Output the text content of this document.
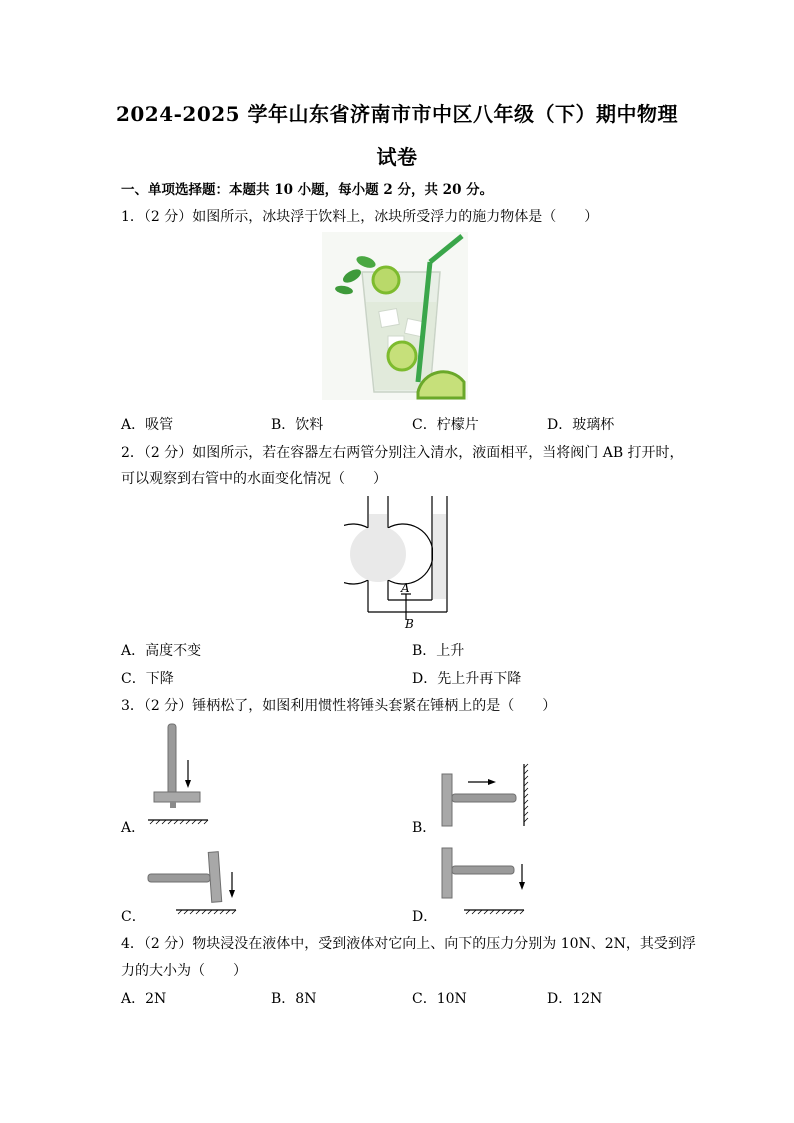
2024-2025 学年山东省济南市市中区八年级（下）期中物理
试卷
一、单项选择题：本题共 10 小题，每小题 2 分，共 20 分。
1．（2 分）如图所示，冰块浮于饮料上，冰块所受浮力的施力物体是（　　）
A．吸管	B．饮料	C．柠檬片	D．玻璃杯
2．（2 分）如图所示，若在容器左右两管分别注入清水，液面相平，当将阀门 AB 打开时，
可以观察到右管中的水面变化情况（　　）
A
B
A．高度不变	B．上升
C．下降	D．先上升再下降
3．（2 分）锤柄松了，如图利用惯性将锤头套紧在锤柄上的是（　　）
A．	B．
C．	D．
4．（2 分）物块浸没在液体中，受到液体对它向上、向下的压力分别为 10N、2N，其受到浮
力的大小为（　　）
A．2N	B．8N	C．10N	D．12N
